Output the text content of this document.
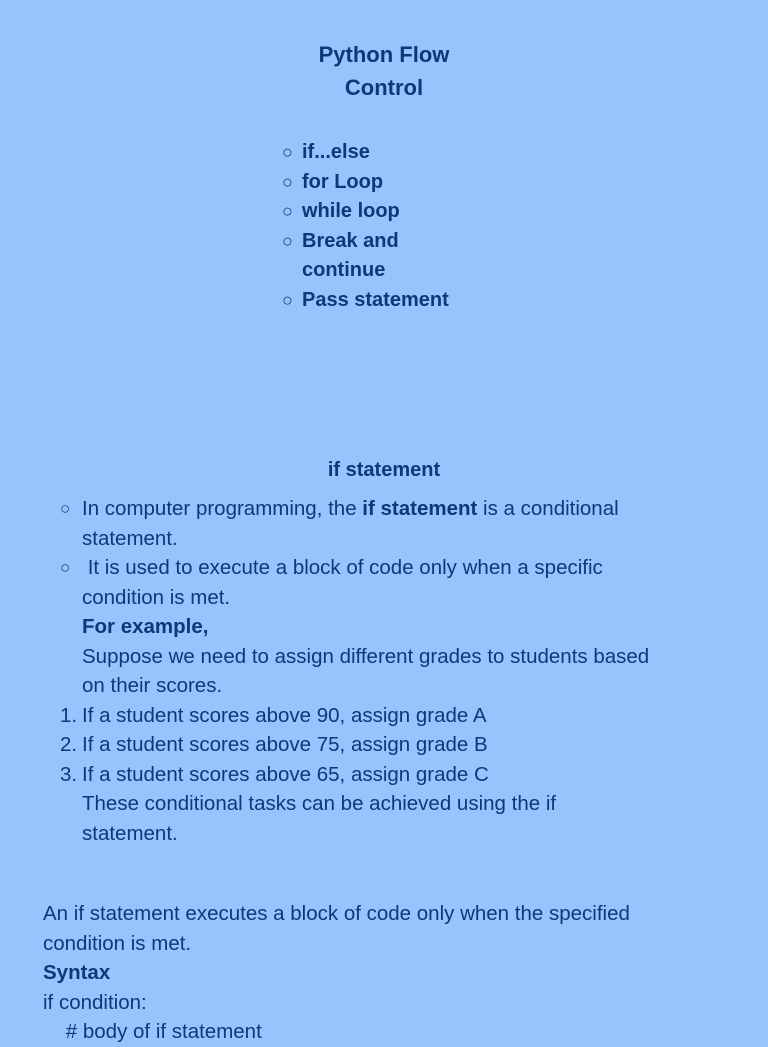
Python Flow
Control
○ if...else
○ for Loop
○ while loop
○ Break and
continue
○ Pass statement
if statement
○ In computer programming, the if statement is a conditional
statement.
○ It is used to execute a block of code only when a specific
condition is met.
For example,
Suppose we need to assign different grades to students based
on their scores.
1. If a student scores above 90, assign grade A
2. If a student scores above 75, assign grade B
3. If a student scores above 65, assign grade C
These conditional tasks can be achieved using the if
statement.
An if statement executes a block of code only when the specified
condition is met.
Syntax
if condition:
# body of if statement
